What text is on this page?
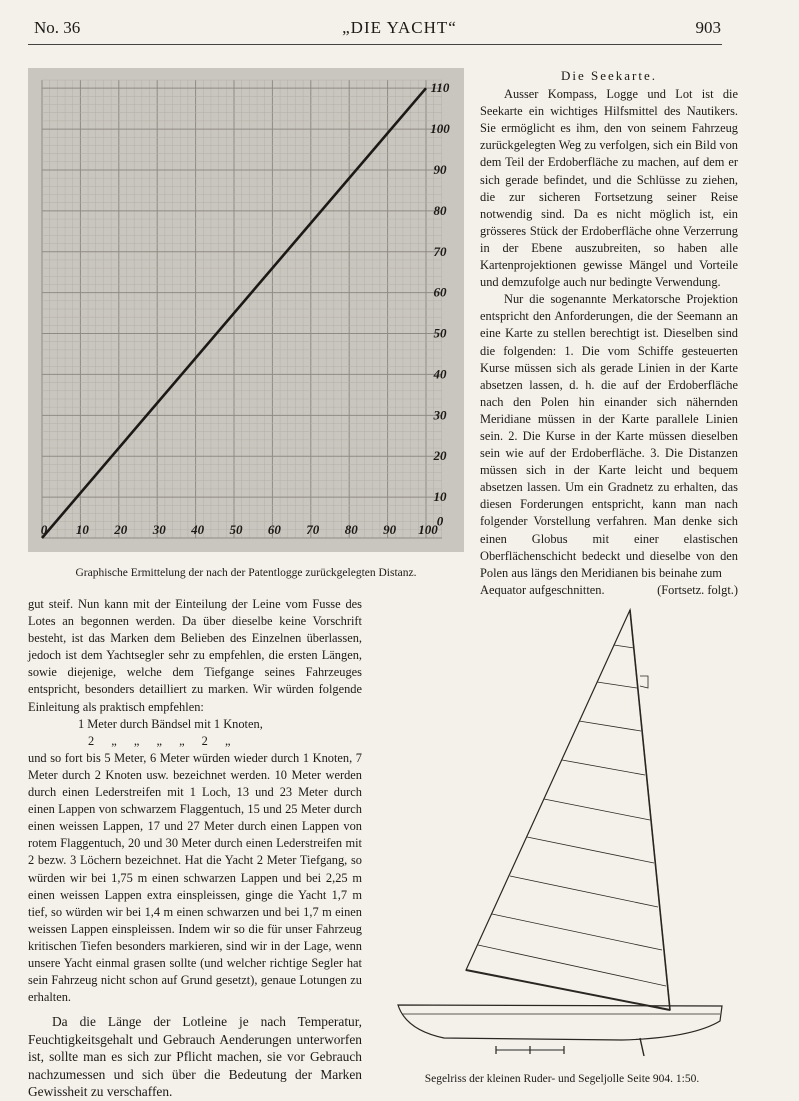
No. 36	„DIE YACHT“	903
0 10 20 30 40 50 60 70 80 90 100
0
10
20
30
40
50
60
70
80
90
100
110
Graphische Ermittelung der nach der Patentlogge zurückgelegten Distanz.

Die Seekarte.

Ausser Kompass, Logge und Lot ist die Seekarte ein wichtiges Hilfsmittel des Nautikers. Sie ermöglicht es ihm, den von seinem Fahrzeug zurückgelegten Weg zu verfolgen, sich ein Bild von dem Teil der Erdoberfläche zu machen, auf dem er sich gerade befindet, und die Schlüsse zu ziehen, die zur sicheren Fortsetzung seiner Reise notwendig sind. Da es nicht möglich ist, ein grösseres Stück der Erdoberfläche ohne Verzerrung in der Ebene auszubreiten, so haben alle Kartenprojektionen gewisse Mängel und Vorteile und demzufolge auch nur bedingte Verwendung.

Nur die sogenannte Merkatorsche Projektion entspricht den Anforderungen, die der Seemann an eine Karte zu stellen berechtigt ist. Dieselben sind die folgenden: 1. Die vom Schiffe gesteuerten Kurse müssen sich als gerade Linien in der Karte absetzen lassen, d. h. die auf der Erdoberfläche nach den Polen hin einander sich nähernden Meridiane müssen in der Karte parallele Linien sein. 2. Die Kurse in der Karte müssen dieselben sein wie auf der Erdoberfläche. 3. Die Distanzen müssen sich in der Karte leicht und bequem absetzen lassen. Um ein Gradnetz zu erhalten, das diesen Forderungen entspricht, kann man nach folgender Vorstellung verfahren. Man denke sich einen Globus mit einer elastischen Oberflächenschicht bedeckt und dieselbe von den Polen aus längs den Meridianen bis beinahe zum

Aequator aufgeschnitten.	(Fortsetz. folgt.)

gut steif. Nun kann mit der Einteilung der Leine vom Fusse des Lotes an begonnen werden. Da über dieselbe keine Vorschrift besteht, ist das Marken dem Belieben des Einzelnen überlassen, jedoch ist dem Yachtsegler sehr zu empfehlen, die ersten Längen, sowie diejenige, welche dem Tiefgange seines Fahrzeuges entspricht, besonders detailliert zu marken. Wir würden folgende Einleitung als praktisch empfehlen:

1 Meter durch Bändsel mit 1 Knoten,

2 „ „ „ „ 2 „

und so fort bis 5 Meter, 6 Meter würden wieder durch 1 Knoten, 7 Meter durch 2 Knoten usw. bezeichnet werden. 10 Meter werden durch einen Lederstreifen mit 1 Loch, 13 und 23 Meter durch einen Lappen von schwarzem Flaggentuch, 15 und 25 Meter durch einen weissen Lappen, 17 und 27 Meter durch einen Lappen von rotem Flaggentuch, 20 und 30 Meter durch einen Lederstreifen mit 2 bezw. 3 Löchern bezeichnet. Hat die Yacht 2 Meter Tiefgang, so würden wir bei 1,75 m einen schwarzen Lappen und bei 2,25 m einen weissen Lappen extra einspleissen, ginge die Yacht 1,7 m tief, so würden wir bei 1,4 m einen schwarzen und bei 1,7 m einen weissen Lappen einspleissen. Indem wir so die für unser Fahrzeug kritischen Tiefen besonders markieren, sind wir in der Lage, wenn unsere Yacht einmal grasen sollte (und welcher richtige Segler hat sein Fahrzeug nicht schon auf Grund gesetzt), genaue Lotungen zu erhalten.

Da die Länge der Lotleine je nach Temperatur, Feuchtigkeitsgehalt und Gebrauch Aenderungen unterworfen ist, sollte man es sich zur Pflicht machen, sie vor Gebrauch nachzumessen und sich über die Bedeutung der Marken Gewissheit zu verschaffen.

Segelriss der kleinen Ruder- und Segeljolle Seite 904. 1:50.
